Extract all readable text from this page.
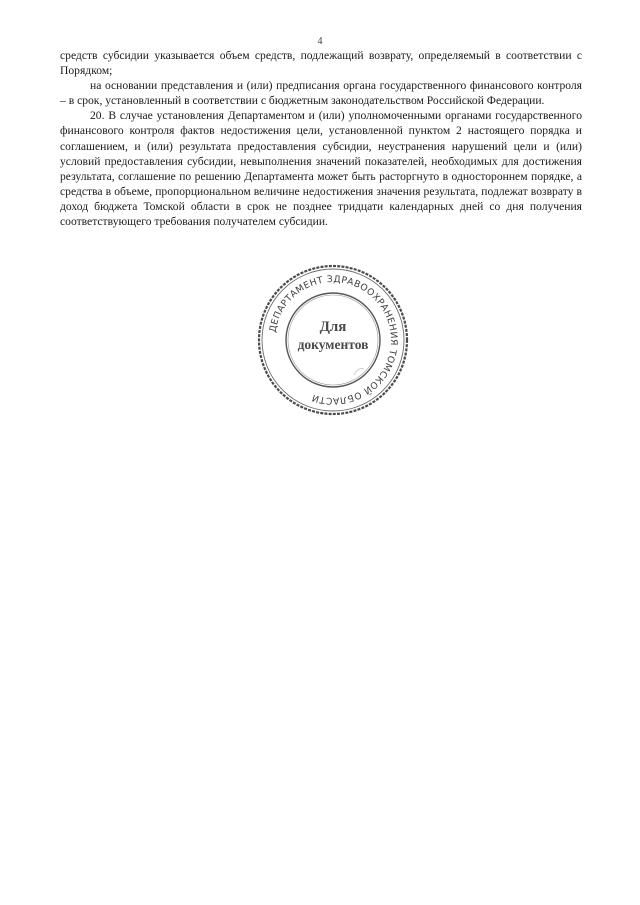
4

средств субсидии указывается объем средств, подлежащий возврату, определяемый в соответствии с Порядком;

на основании представления и (или) предписания органа государственного финансового контроля – в срок, установленный в соответствии с бюджетным законодательством Российской Федерации.

20. В случае установления Департаментом и (или) уполномоченными органами государственного финансового контроля фактов недостижения цели, установленной пунктом 2 настоящего порядка и соглашением, и (или) результата предоставления субсидии, неустранения нарушений цели и (или) условий предоставления субсидии, невыполнения значений показателей, необходимых для достижения результата, соглашение по решению Департамента может быть расторгнуто в одностороннем порядке, а средства в объеме, пропорциональном величине недостижения значения результата, подлежат возврату в доход бюджета Томской области в срок не позднее тридцати календарных дней со дня получения соответствующего требования получателем субсидии.

ДЕПАРТАМЕНТ ЗДРАВООХРАНЕНИЯ ТОМСКОЙ ОБЛАСТИ
Для
документов
